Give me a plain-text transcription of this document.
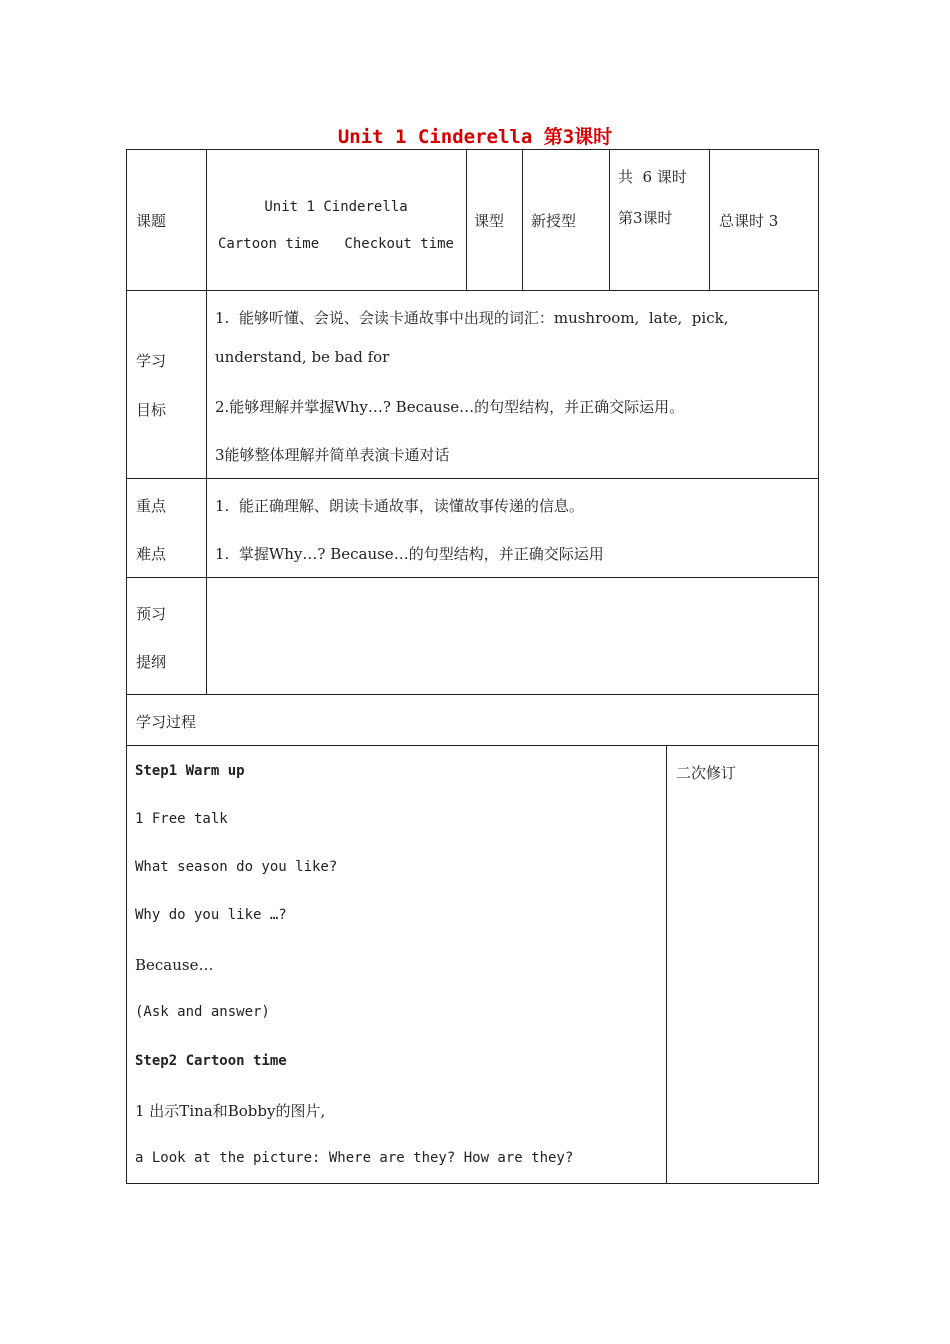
Unit 1 Cinderella 第3课时
课题
Unit 1 Cinderella
Cartoon time   Checkout time
课型 新授型
共  6 课时
第3课时	总课时 3
学习
目标
1.  能够听懂、会说、会读卡通故事中出现的词汇：mushroom,  late,  pick,
understand, be bad for
2.能够理解并掌握Why…? Because…的句型结构，并正确交际运用。
3能够整体理解并简单表演卡通对话
重点
难点
1.  能正确理解、朗读卡通故事，读懂故事传递的信息。
1.  掌握Why…? Because…的句型结构，并正确交际运用
预习
提纲
学习过程
Step1 Warm up
1 Free talk
What season do you like?
Why do you like …?
Because…
(Ask and answer)
Step2 Cartoon time
1 出示Tina和Bobby的图片,
a Look at the picture: Where are they? How are they?
二次修订
